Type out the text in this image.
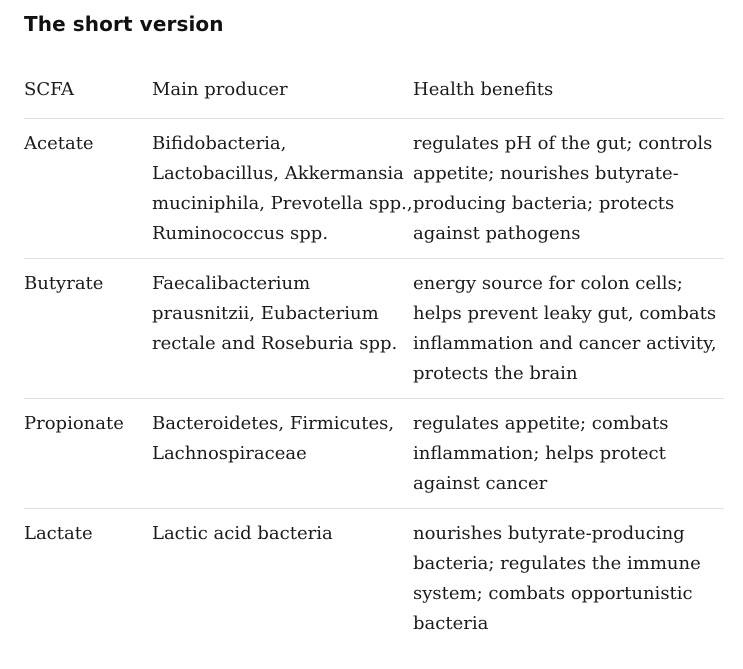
The short version
SCFA	Main producer	Health benefits
Acetate	Bifidobacteria, Lactobacillus, Akkermansia muciniphila, Prevotella spp., Ruminococcus spp.	regulates pH of the gut; controls appetite; nourishes butyrate-producing bacteria; protects against pathogens
Butyrate	Faecalibacterium prausnitzii, Eubacterium rectale and Roseburia spp.	energy source for colon cells; helps prevent leaky gut, combats inflammation and cancer activity, protects the brain
Propionate	Bacteroidetes, Firmicutes, Lachnospiraceae	regulates appetite; combats inflammation; helps protect against cancer
Lactate	Lactic acid bacteria	nourishes butyrate-producing bacteria; regulates the immune system; combats opportunistic bacteria
